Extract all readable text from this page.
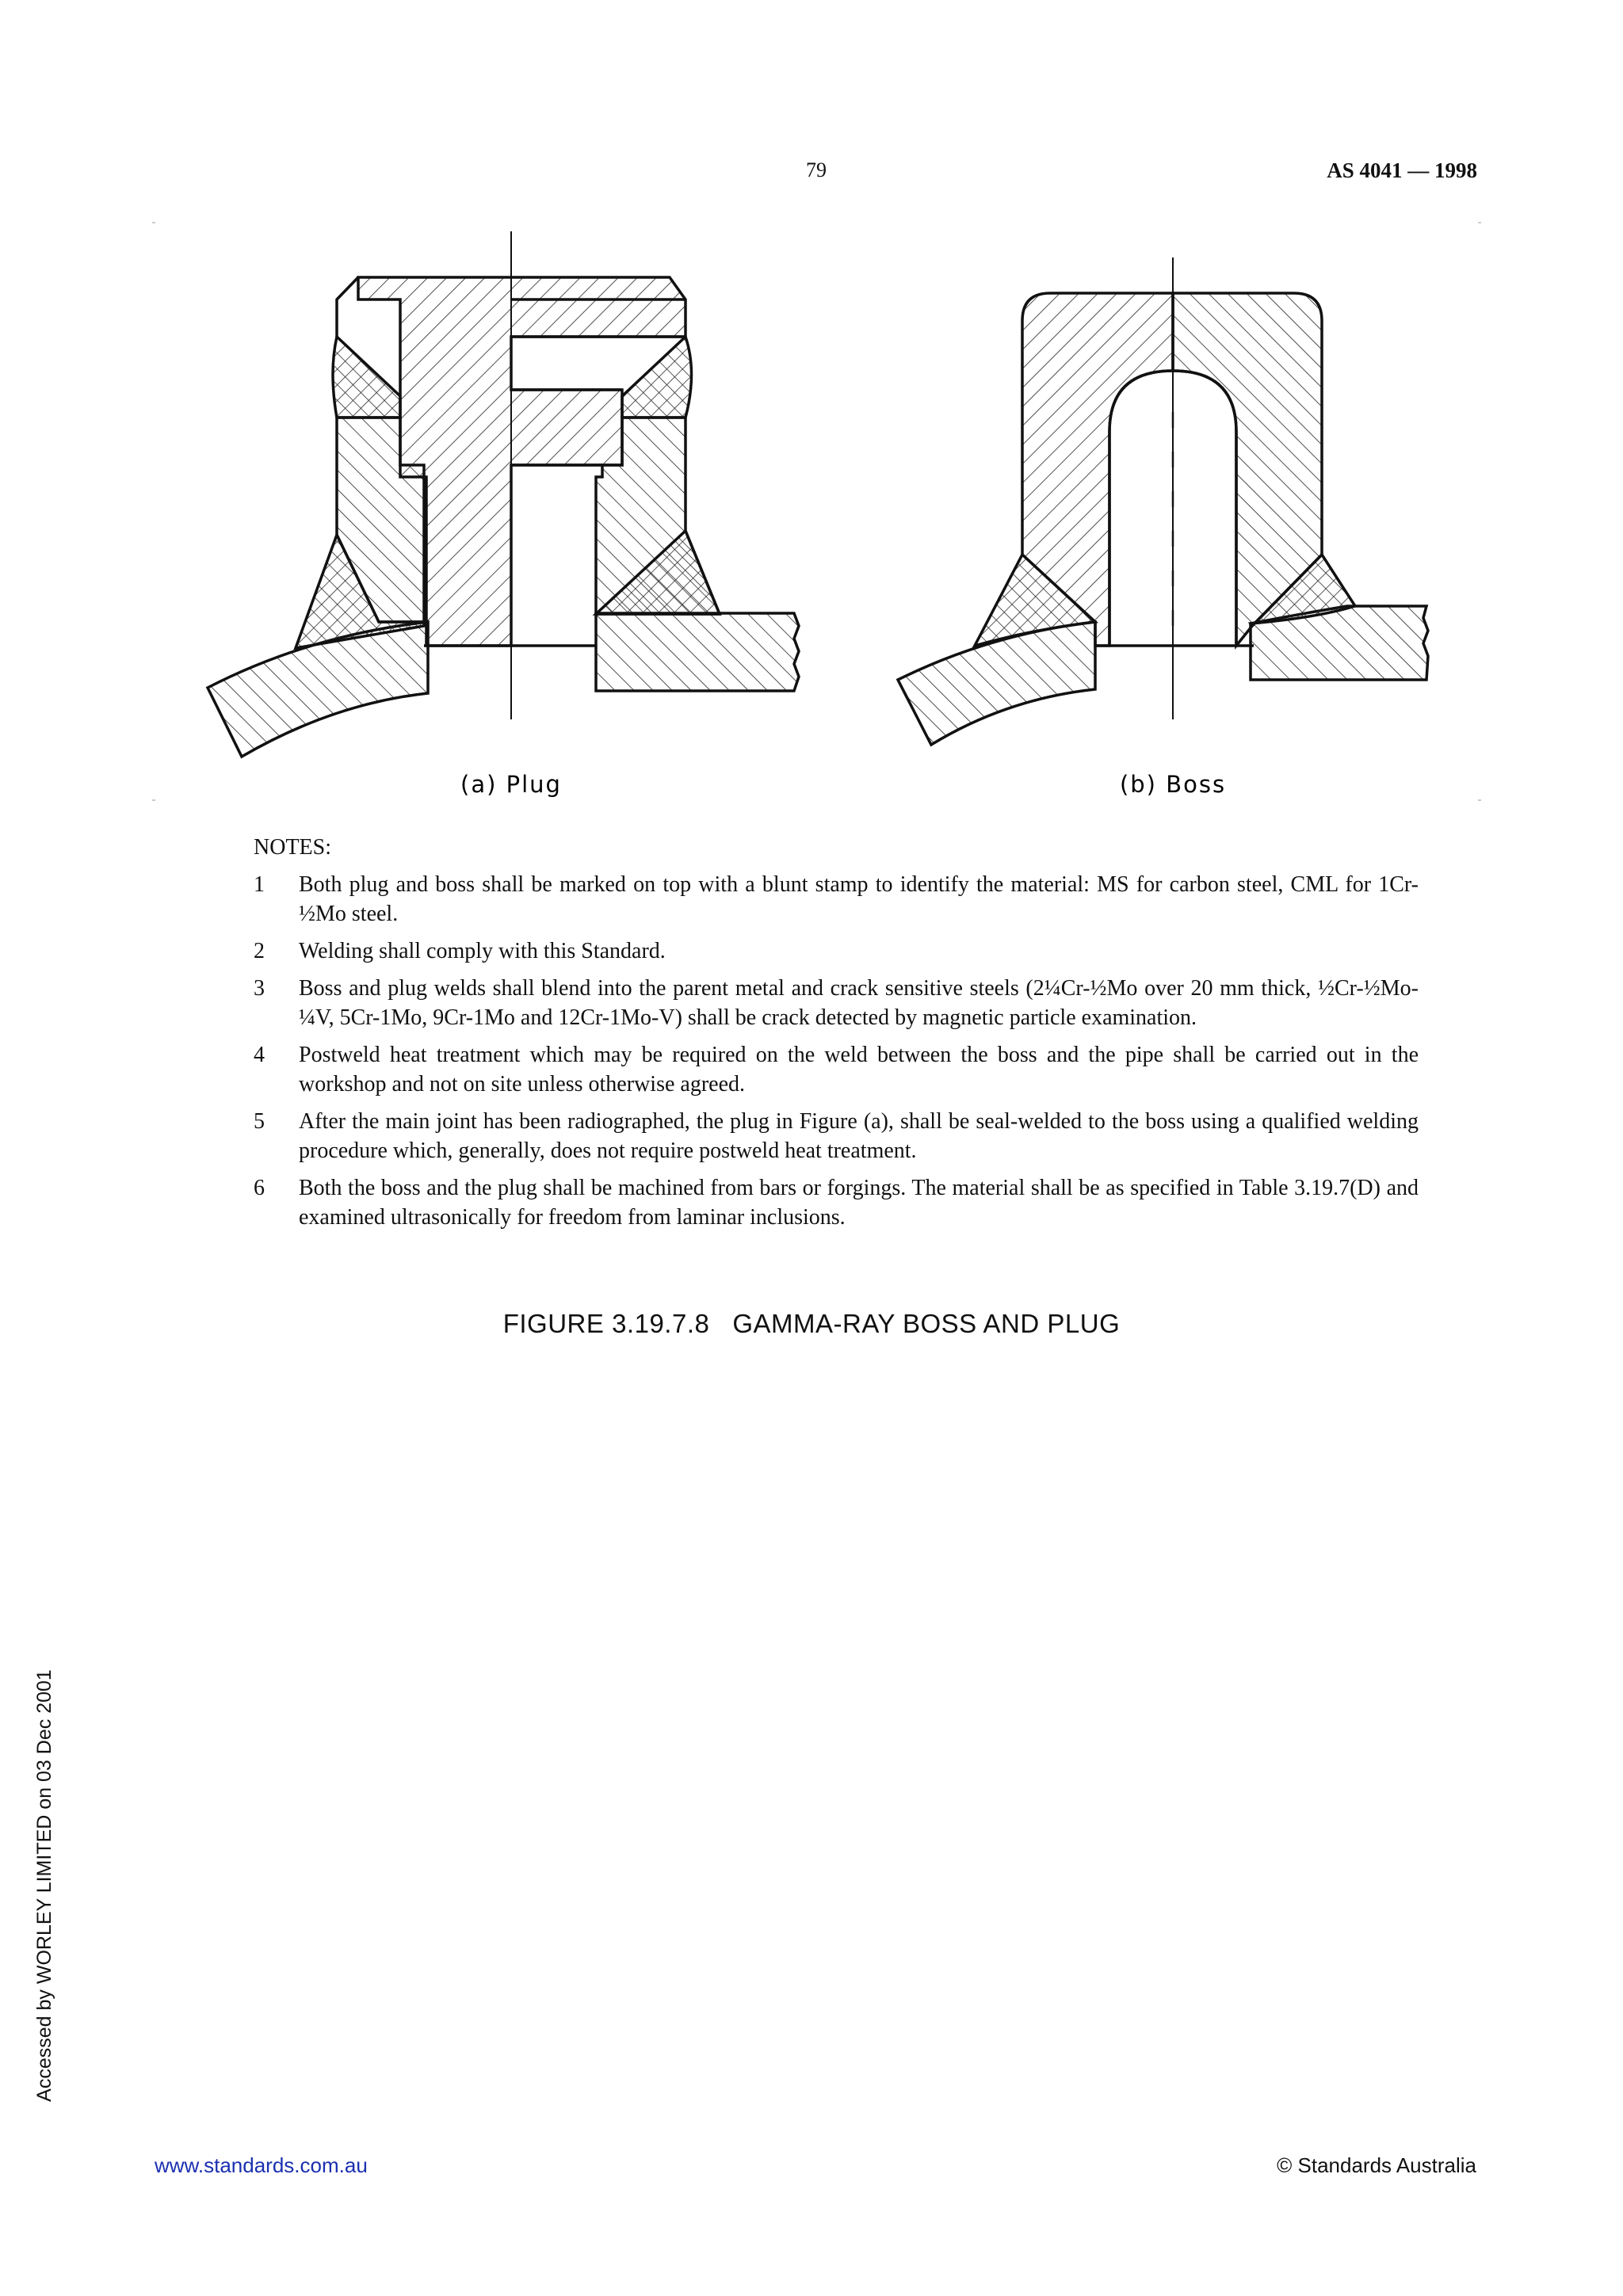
79	AS 4041 — 1998
(a) Plug	(b) Boss
NOTES:
1 Both plug and boss shall be marked on top with a blunt stamp to identify the material: MS for carbon steel, CML for 1Cr-½Mo steel.
2 Welding shall comply with this Standard.
3 Boss and plug welds shall blend into the parent metal and crack sensitive steels (2¼Cr-½Mo over 20 mm thick, ½Cr-½Mo-¼V, 5Cr-1Mo, 9Cr-1Mo and 12Cr-1Mo-V) shall be crack detected by magnetic particle examination.
4 Postweld heat treatment which may be required on the weld between the boss and the pipe shall be carried out in the workshop and not on site unless otherwise agreed.
5 After the main joint has been radiographed, the plug in Figure (a), shall be seal-welded to the boss using a qualified welding procedure which, generally, does not require postweld heat treatment.
6 Both the boss and the plug shall be machined from bars or forgings. The material shall be as specified in Table 3.19.7(D) and examined ultrasonically for freedom from laminar inclusions.
FIGURE 3.19.7.8   GAMMA-RAY BOSS AND PLUG
Accessed by WORLEY LIMITED on 03 Dec 2001
www.standards.com.au	© Standards Australia
